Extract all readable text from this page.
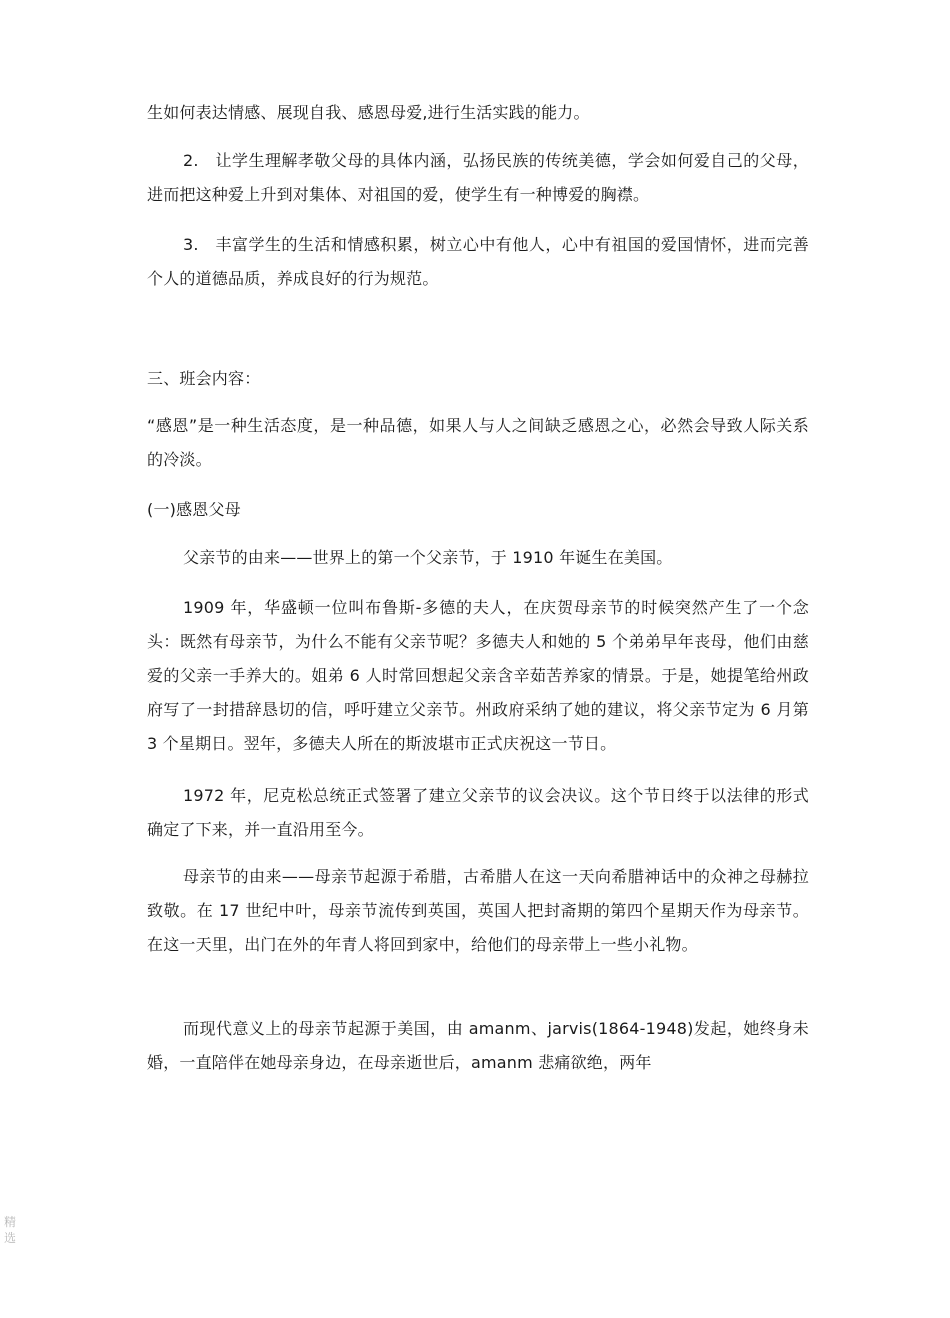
生如何表达情感、展现自我、感恩母爱,进行生活实践的能力。

2.　让学生理解孝敬父母的具体内涵，弘扬民族的传统美德，学会如何爱自己的父母，进而把这种爱上升到对集体、对祖国的爱，使学生有一种博爱的胸襟。

3.　丰富学生的生活和情感积累，树立心中有他人，心中有祖国的爱国情怀，进而完善个人的道德品质，养成良好的行为规范。

三、班会内容：

“感恩”是一种生活态度，是一种品德，如果人与人之间缺乏感恩之心，必然会导致人际关系的冷淡。

(一)感恩父母

父亲节的由来——世界上的第一个父亲节，于 1910 年诞生在美国。

1909 年，华盛顿一位叫布鲁斯-多德的夫人，在庆贺母亲节的时候突然产生了一个念头：既然有母亲节，为什么不能有父亲节呢？多德夫人和她的 5 个弟弟早年丧母，他们由慈爱的父亲一手养大的。姐弟 6 人时常回想起父亲含辛茹苦养家的情景。于是，她提笔给州政府写了一封措辞恳切的信，呼吁建立父亲节。州政府采纳了她的建议，将父亲节定为 6 月第 3 个星期日。翌年，多德夫人所在的斯波堪市正式庆祝这一节日。

1972 年，尼克松总统正式签署了建立父亲节的议会决议。这个节日终于以法律的形式确定了下来，并一直沿用至今。

母亲节的由来——母亲节起源于希腊，古希腊人在这一天向希腊神话中的众神之母赫拉致敬。在 17 世纪中叶，母亲节流传到英国，英国人把封斋期的第四个星期天作为母亲节。在这一天里，出门在外的年青人将回到家中，给他们的母亲带上一些小礼物。

而现代意义上的母亲节起源于美国，由 amanm、jarvis(1864-1948)发起，她终身未婚，一直陪伴在她母亲身边，在母亲逝世后，amanm 悲痛欲绝，两年

精选
